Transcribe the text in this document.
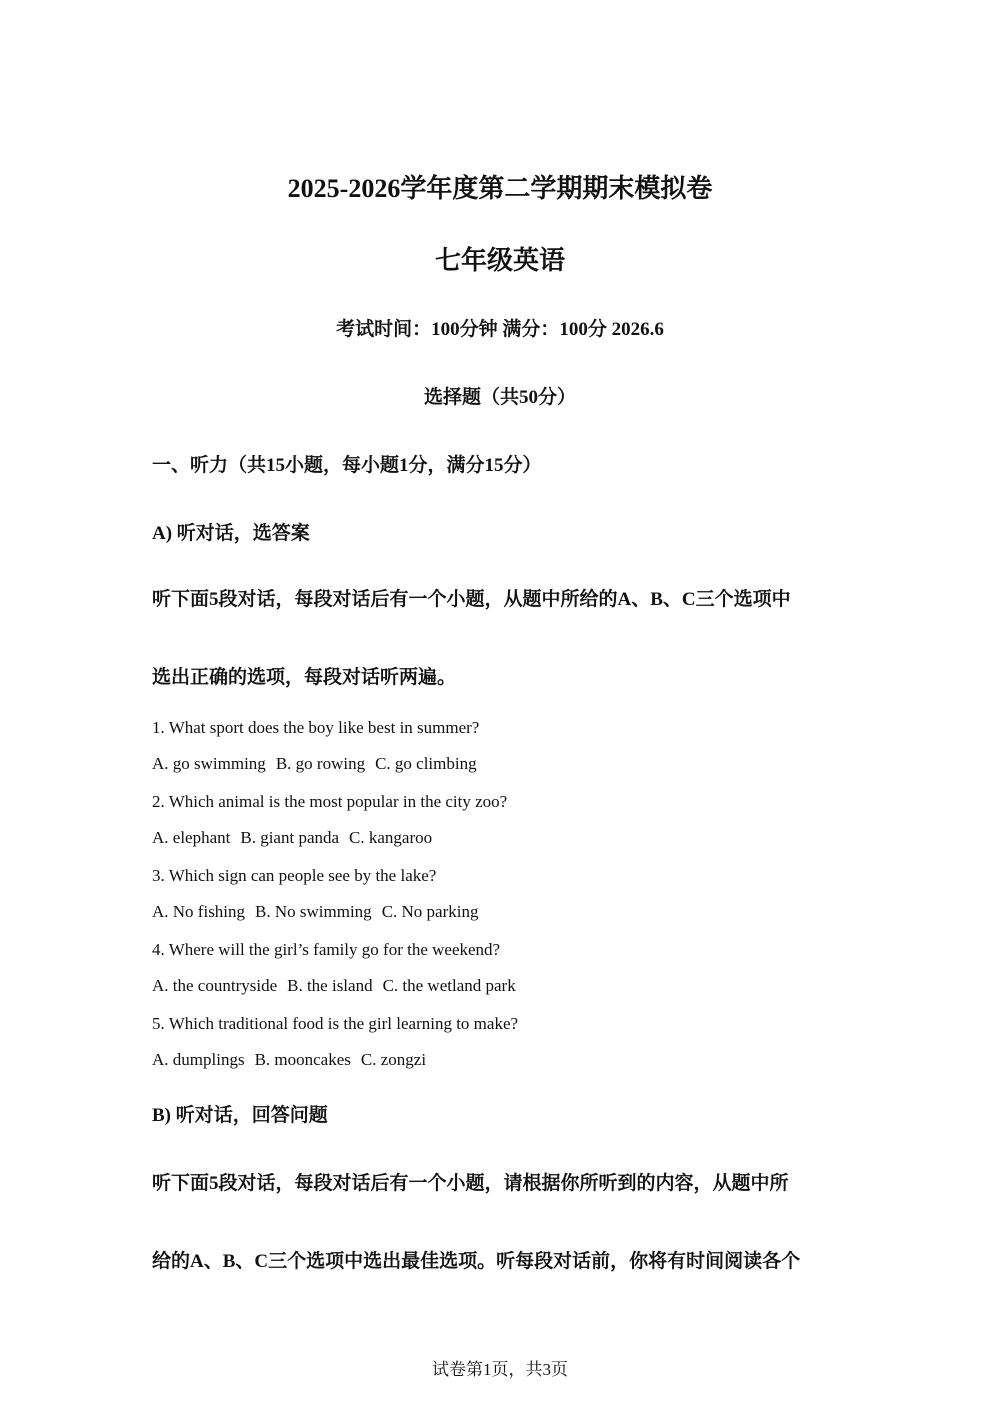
2025-2026学年度第二学期期末模拟卷
七年级英语
考试时间：100分钟 满分：100分 2026.6
选择题（共50分）
一、听力（共15小题，每小题1分，满分15分）
A) 听对话，选答案
听下面5段对话，每段对话后有一个小题，从题中所给的A、B、C三个选项中
选出正确的选项，每段对话听两遍。
1. What sport does the boy like best in summer?
A. go swimming B. go rowing C. go climbing
2. Which animal is the most popular in the city zoo?
A. elephant B. giant panda C. kangaroo
3. Which sign can people see by the lake?
A. No fishing B. No swimming C. No parking
4. Where will the girl’s family go for the weekend?
A. the countryside B. the island C. the wetland park
5. Which traditional food is the girl learning to make?
A. dumplings B. mooncakes C. zongzi
B) 听对话，回答问题
听下面5段对话，每段对话后有一个小题，请根据你所听到的内容，从题中所
给的A、B、C三个选项中选出最佳选项。听每段对话前，你将有时间阅读各个
试卷第1页，共3页
